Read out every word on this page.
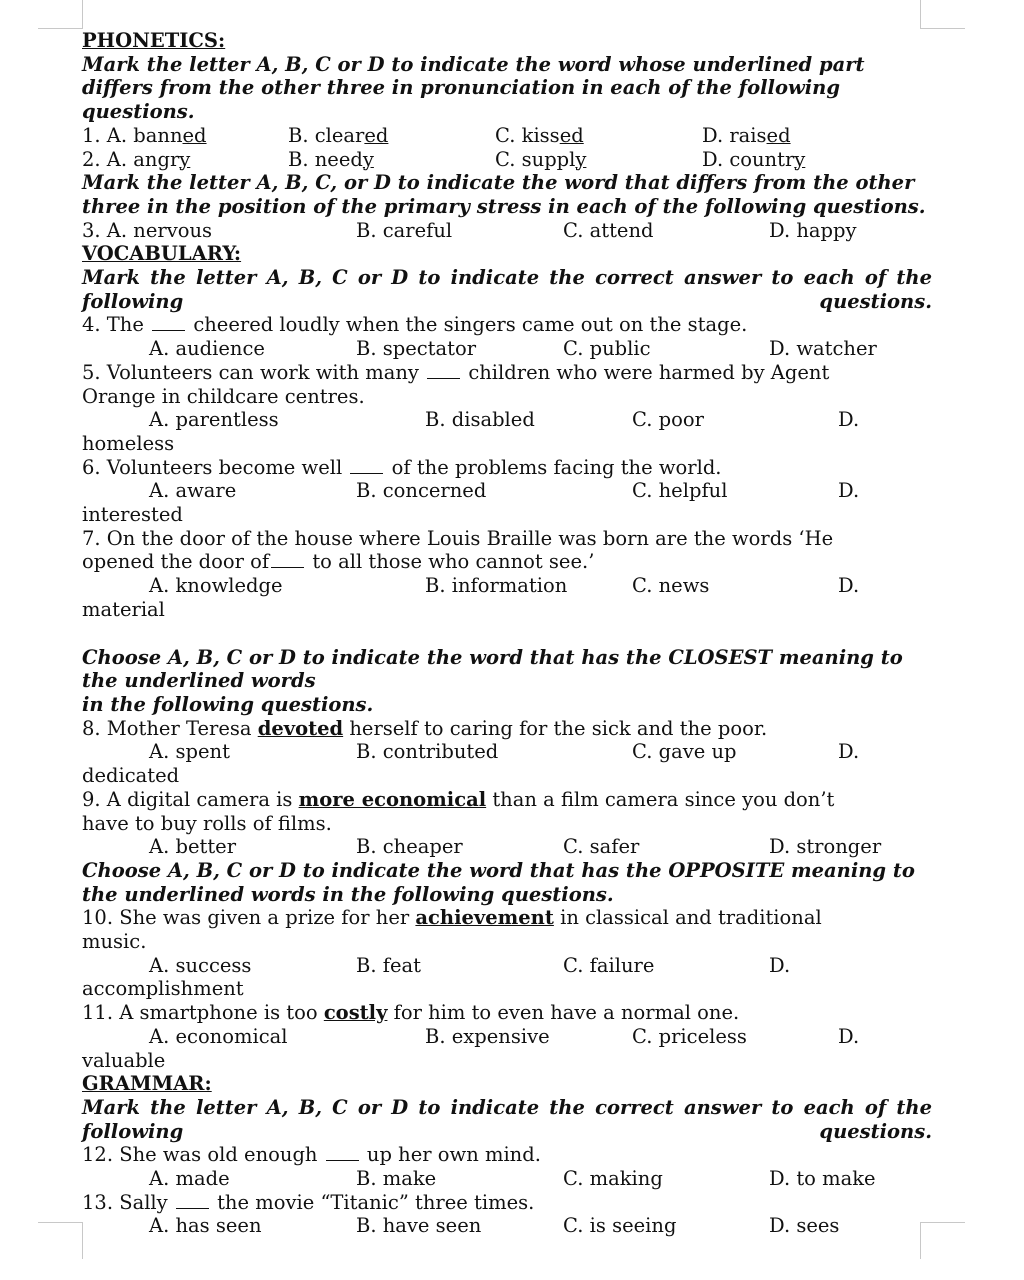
PHONETICS:
Mark the letter A, B, C or D to indicate the word whose underlined part differs from the other three in pronunciation in each of the following questions.
1. A. banned	B. cleared	C. kissed	D. raised
2. A. angry	B. needy	C. supply	D. country
Mark the letter A, B, C, or D to indicate the word that differs from the other three in the position of the primary stress in each of the following questions.
3. A. nervous	B. careful	C. attend	D. happy
VOCABULARY:
Mark the letter A, B, C or D to indicate the correct answer to each of the following questions.
4. The	cheered loudly when the singers came out on the stage.
A. audience	B. spectator	C. public	D. watcher
5. Volunteers can work with many	children who were harmed by Agent
Orange in childcare centres.
A. parentless	B. disabled	C. poor	D.
homeless
6. Volunteers become well	of the problems facing the world.
A. aware	B. concerned	C. helpful	D.
interested
7. On the door of the house where Louis Braille was born are the words ‘He
opened the door of to all those who cannot see.’
A. knowledge	B. information	C. news	D.
material
Choose A, B, C or D to indicate the word that has the CLOSEST meaning to the underlined words
in the following questions.
8. Mother Teresa devoted herself to caring for the sick and the poor.
A. spent	B. contributed	C. gave up	D.
dedicated
9. A digital camera is more economical than a film camera since you don’t
have to buy rolls of films.
A. better	B. cheaper	C. safer	D. stronger
Choose A, B, C or D to indicate the word that has the OPPOSITE meaning to the underlined words in the following questions.
10. She was given a prize for her achievement in classical and traditional
music.
A. success	B. feat	C. failure	D.
accomplishment
11. A smartphone is too costly for him to even have a normal one.
A. economical	B. expensive	C. priceless	D.
valuable
GRAMMAR:
Mark the letter A, B, C or D to indicate the correct answer to each of the following questions.
12. She was old enough	up her own mind.
A. made	B. make	C. making	D. to make
13. Sally	the movie “Titanic” three times.
A. has seen	B. have seen	C. is seeing	D. sees
